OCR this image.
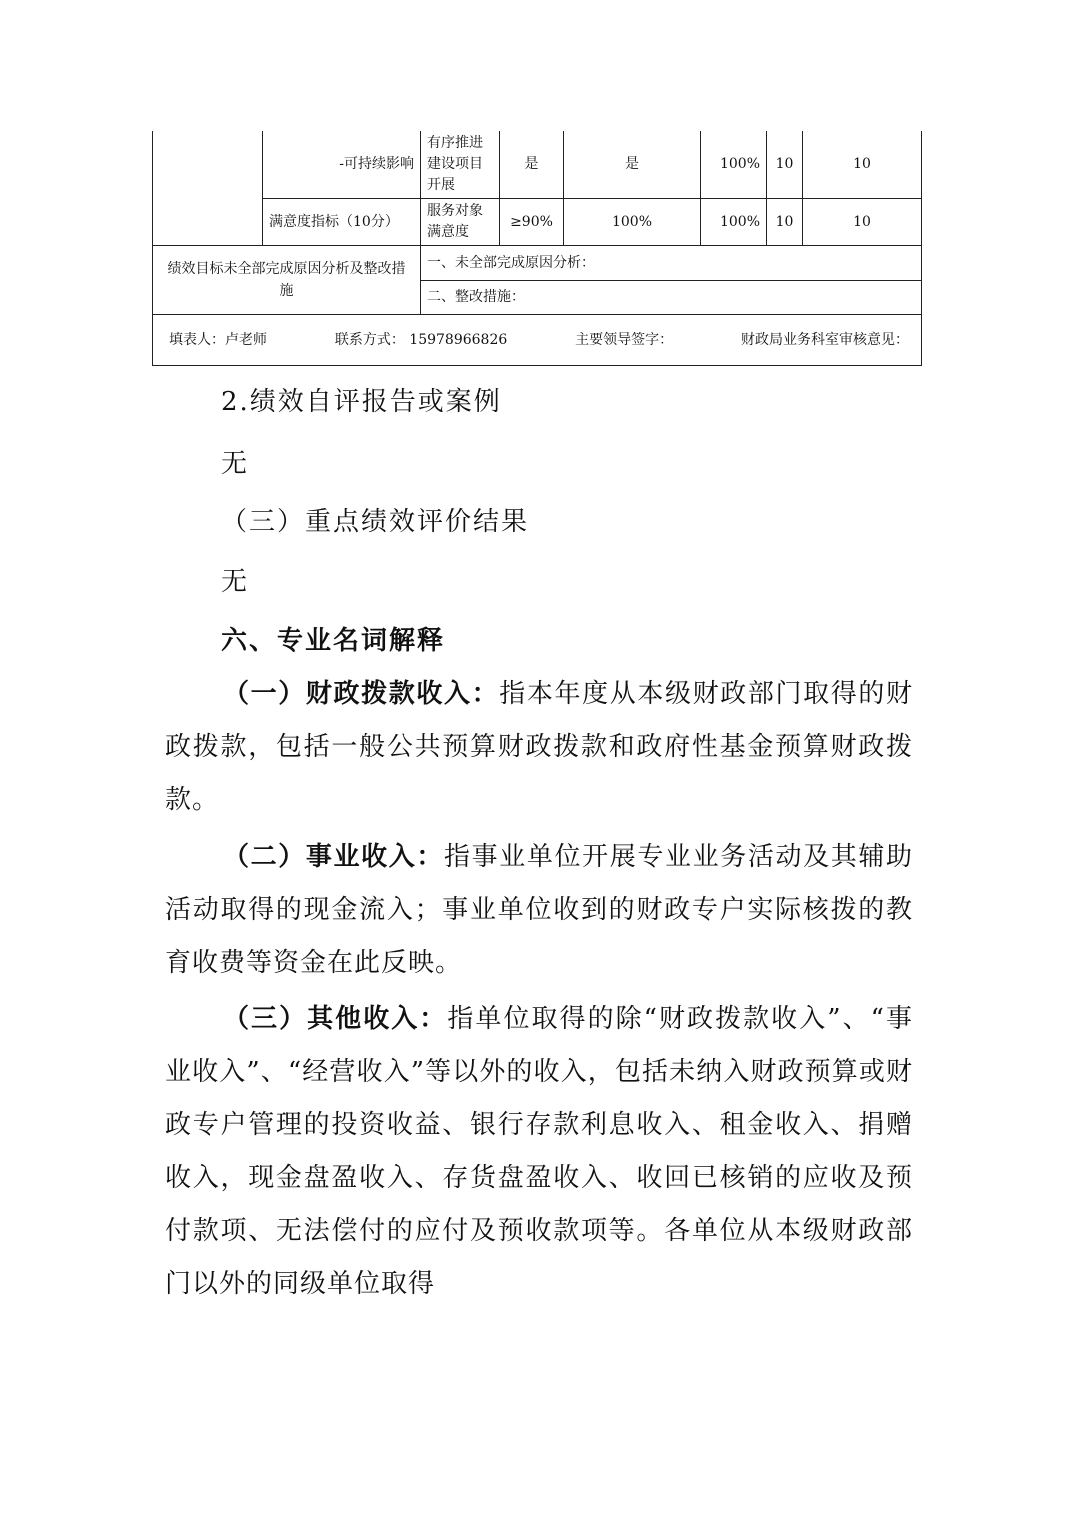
	-可持续影响	有序推进建设项目开展	是	是	100%	10	10
	满意度指标（10分）	服务对象满意度	≥90%	100%	100%	10	10
绩效目标未全部完成原因分析及整改措施		一、未全部完成原因分析：					
		二、整改措施：					

填表人：卢老师 联系方式： 15978966826 主要领导签字： 财政局业务科室审核意见：							
2.绩效自评报告或案例
无
（三）重点绩效评价结果
无
六、专业名词解释
（一）财政拨款收入：指本年度从本级财政部门取得的财政拨款，包括一般公共预算财政拨款和政府性基金预算财政拨款。
（二）事业收入：指事业单位开展专业业务活动及其辅助活动取得的现金流入；事业单位收到的财政专户实际核拨的教育收费等资金在此反映。
（三）其他收入：指单位取得的除“财政拨款收入”、“事业收入”、“经营收入”等以外的收入，包括未纳入财政预算或财政专户管理的投资收益、银行存款利息收入、租金收入、捐赠收入，现金盘盈收入、存货盘盈收入、收回已核销的应收及预付款项、无法偿付的应付及预收款项等。各单位从本级财政部门以外的同级单位取得
